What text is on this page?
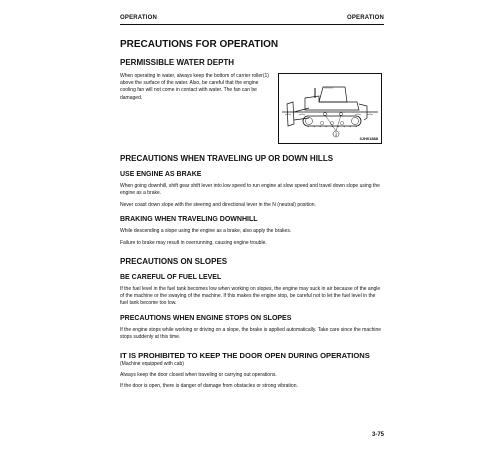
OPERATION	OPERATION
PRECAUTIONS FOR OPERATION
PERMISSIBLE WATER DEPTH
When operating in water, always keep the bottom of carrier roller(1) above the surface of the water. Also, be careful that the engine cooling fan will not come in contact with water. The fan can be damaged.
1
3JH01888
PRECAUTIONS WHEN TRAVELING UP OR DOWN HILLS
USE ENGINE AS BRAKE
When going downhill, shift gear shift lever into low speed to run engine at slow speed and travel down slope using the engine as a brake.
Never coast down slope with the steering and directional lever in the N (neutral) position.
BRAKING WHEN TRAVELING DOWNHILL
While descending a slope using the engine as a brake, also apply the brakes.
Failure to brake may result in overrunning, causing engine trouble.
PRECAUTIONS ON SLOPES
BE CAREFUL OF FUEL LEVEL
If the fuel level in the fuel tank becomes low when working on slopes, the engine may suck in air because of the angle of the machine or the swaying of the machine. If this makes the engine stop, be careful not to let the fuel level in the fuel tank become too low.
PRECAUTIONS WHEN ENGINE STOPS ON SLOPES
If the engine stops while working or driving on a slope, the brake is applied automatically. Take care since the machine stops suddenly at this time.
IT IS PROHIBITED TO KEEP THE DOOR OPEN DURING OPERATIONS
(Machine equipped with cab)
Always keep the door closed when traveling or carrying out operations.
If the door is open, there is danger of damage from obstacles or strong vibration.
3-75
